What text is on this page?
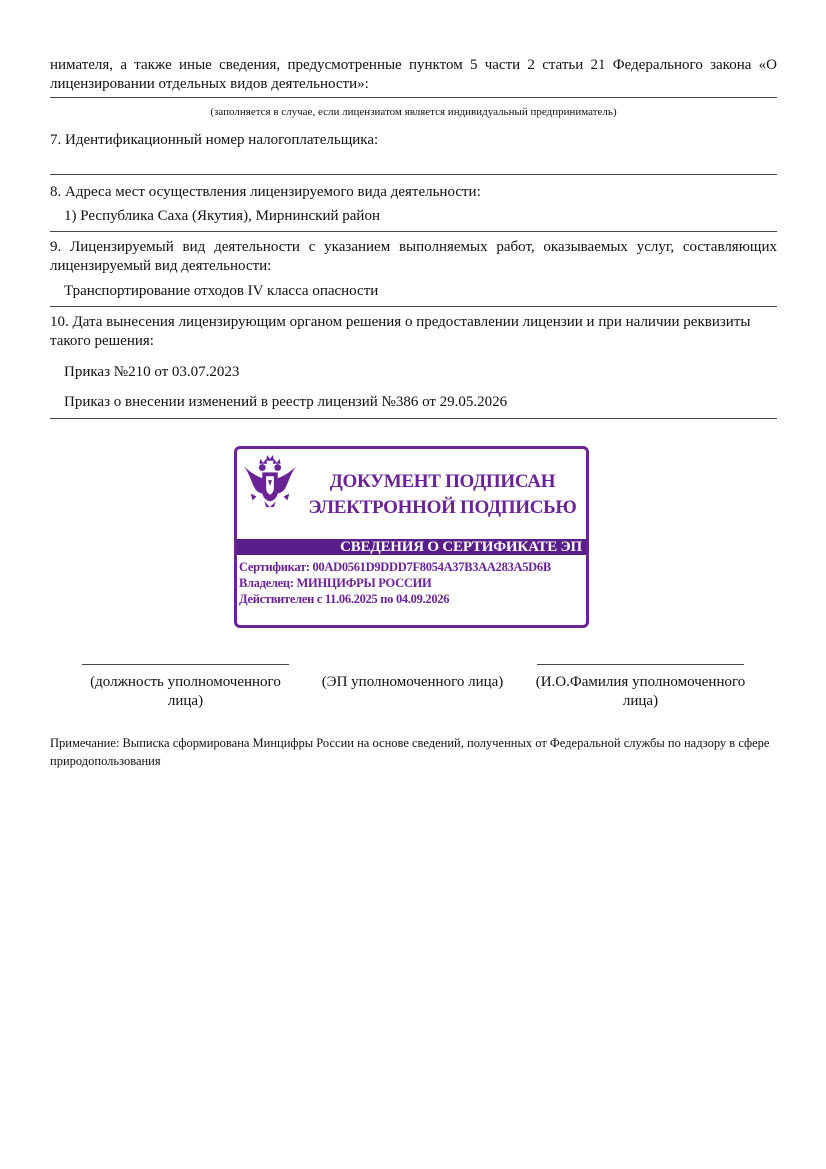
нимателя, а также иные сведения, предусмотренные пунктом 5 части 2 статьи 21 Федерального закона «О лицензировании отдельных видов деятельности»:
(заполняется в случае, если лицензиатом является индивидуальный предприниматель)
7. Идентификационный номер налогоплательщика:
8. Адреса мест осуществления лицензируемого вида деятельности:
1) Республика Саха (Якутия), Мирнинский район
9. Лицензируемый вид деятельности с указанием выполняемых работ, оказываемых услуг, составляющих лицензируемый вид деятельности:
Транспортирование отходов IV класса опасности
10. Дата вынесения лицензирующим органом решения о предоставлении лицензии и при наличии реквизиты такого решения:
Приказ №210 от 03.07.2023
Приказ о внесении изменений в реестр лицензий №386 от 29.05.2026
ДОКУМЕНТ ПОДПИСАН
ЭЛЕКТРОННОЙ ПОДПИСЬЮ
СВЕДЕНИЯ О СЕРТИФИКАТЕ ЭП
Сертификат: 00AD0561D9DDD7F8054A37B3AA283A5D6B
Владелец: МИНЦИФРЫ РОССИИ
Действителен с 11.06.2025 по 04.09.2026
(должность уполномоченного лица)
(ЭП уполномоченного лица)	(И.О.Фамилия уполномоченного лица)
Примечание: Выписка сформирована Минцифры России на основе сведений, полученных от Федеральной службы по надзору в сфере природопользования
